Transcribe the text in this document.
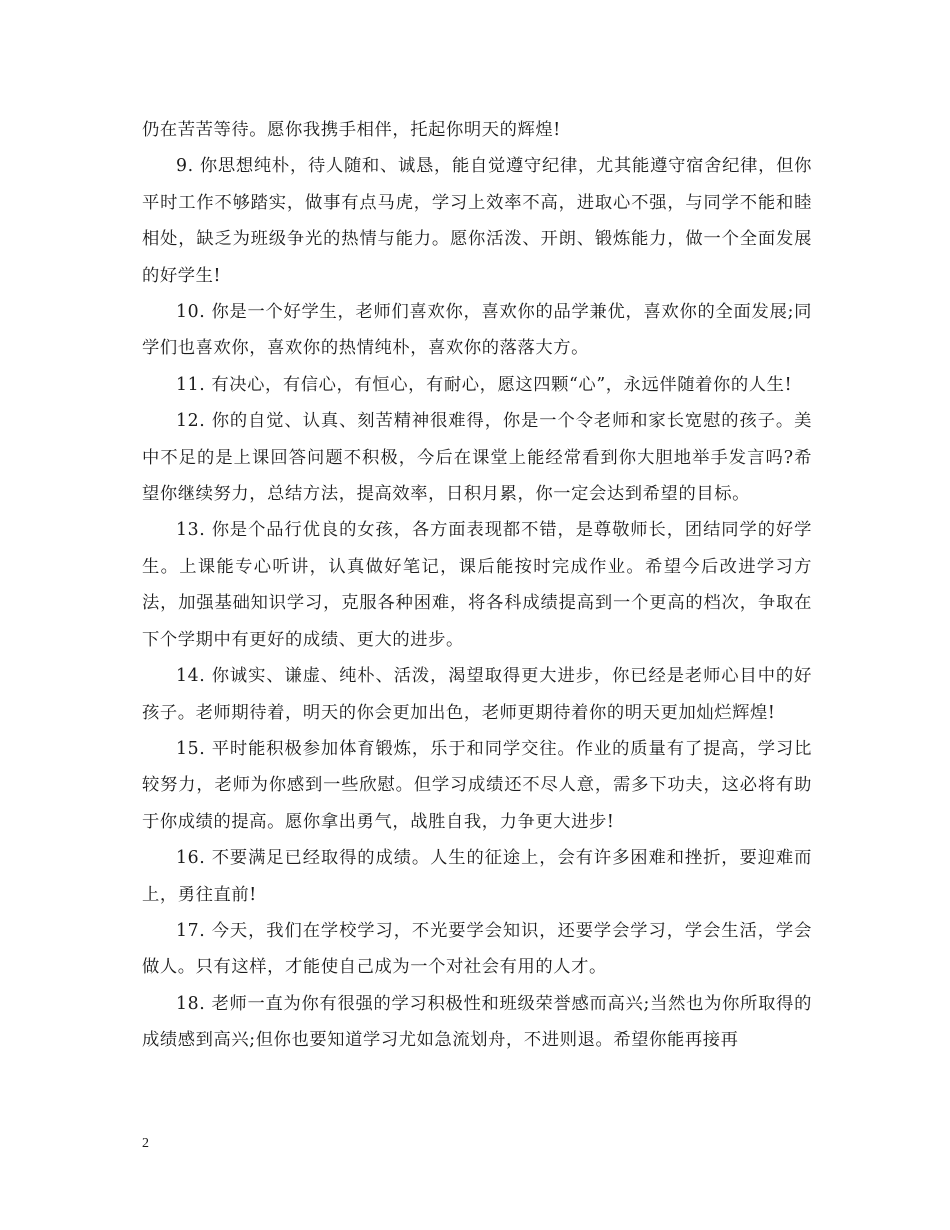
仍在苦苦等待。愿你我携手相伴，托起你明天的辉煌!

9. 你思想纯朴，待人随和、诚恳，能自觉遵守纪律，尤其能遵守宿舍纪律，但你平时工作不够踏实，做事有点马虎，学习上效率不高，进取心不强，与同学不能和睦相处，缺乏为班级争光的热情与能力。愿你活泼、开朗、锻炼能力，做一个全面发展的好学生!

10. 你是一个好学生，老师们喜欢你，喜欢你的品学兼优，喜欢你的全面发展;同学们也喜欢你，喜欢你的热情纯朴，喜欢你的落落大方。

11. 有决心，有信心，有恒心，有耐心，愿这四颗“心”，永远伴随着你的人生!

12. 你的自觉、认真、刻苦精神很难得，你是一个令老师和家长宽慰的孩子。美中不足的是上课回答问题不积极，今后在课堂上能经常看到你大胆地举手发言吗?希望你继续努力，总结方法，提高效率，日积月累，你一定会达到希望的目标。

13. 你是个品行优良的女孩，各方面表现都不错，是尊敬师长，团结同学的好学生。上课能专心听讲，认真做好笔记，课后能按时完成作业。希望今后改进学习方法，加强基础知识学习，克服各种困难，将各科成绩提高到一个更高的档次，争取在下个学期中有更好的成绩、更大的进步。

14. 你诚实、谦虚、纯朴、活泼，渴望取得更大进步，你已经是老师心目中的好孩子。老师期待着，明天的你会更加出色，老师更期待着你的明天更加灿烂辉煌!

15. 平时能积极参加体育锻炼，乐于和同学交往。作业的质量有了提高，学习比较努力，老师为你感到一些欣慰。但学习成绩还不尽人意，需多下功夫，这必将有助于你成绩的提高。愿你拿出勇气，战胜自我，力争更大进步!

16. 不要满足已经取得的成绩。人生的征途上，会有许多困难和挫折，要迎难而上，勇往直前!

17. 今天，我们在学校学习，不光要学会知识，还要学会学习，学会生活，学会做人。只有这样，才能使自己成为一个对社会有用的人才。

18. 老师一直为你有很强的学习积极性和班级荣誉感而高兴;当然也为你所取得的成绩感到高兴;但你也要知道学习尤如急流划舟，不进则退。希望你能再接再

2
